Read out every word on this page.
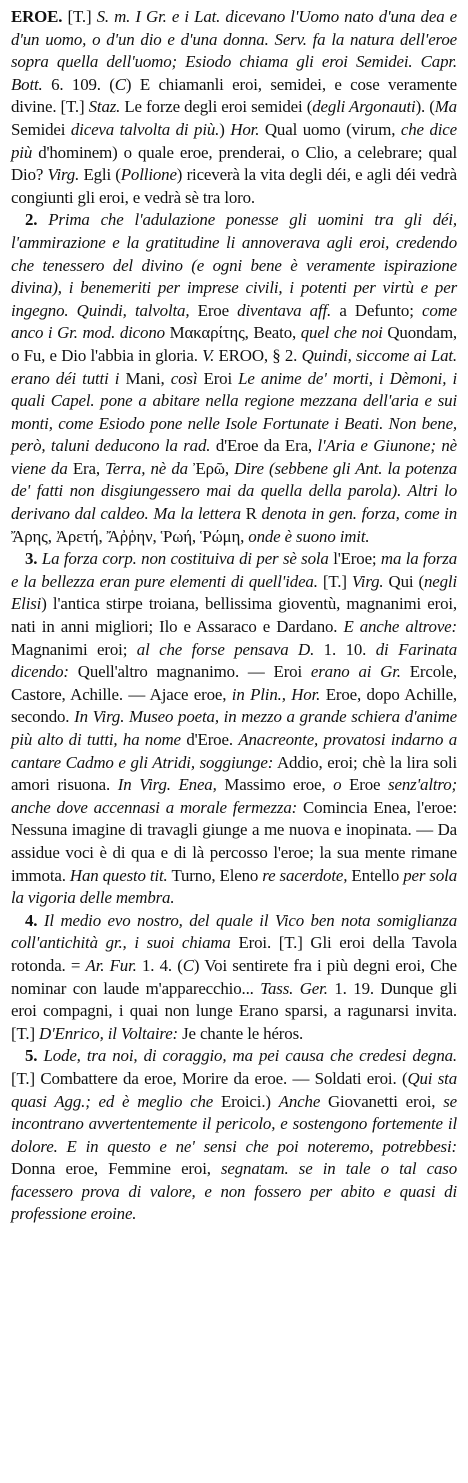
EROE. [T.] S. m. I Gr. e i Lat. dicevano l'Uomo nato d'una dea e d'un uomo, o d'un dio e d'una donna. Serv. fa la natura dell'eroe sopra quella dell'uomo; Esiodo chiama gli eroi Semidei. Capr. Bott. 6. 109. (C) E chiamanli eroi, semidei, e cose veramente divine. [T.] Staz. Le forze degli eroi semidei (degli Argonauti). (Ma Semidei diceva talvolta di più.) Hor. Qual uomo (virum, che dice più d'hominem) o quale eroe, prenderai, o Clio, a celebrare; qual Dio? Virg. Egli (Pollione) riceverà la vita degli déi, e agli déi vedrà congiunti gli eroi, e vedrà sè tra loro.

2. Prima che l'adulazione ponesse gli uomini tra gli déi, l'ammirazione e la gratitudine li annoverava agli eroi, credendo che tenessero del divino (e ogni bene è veramente ispirazione divina), i benemeriti per imprese civili, i potenti per virtù e per ingegno. Quindi, talvolta, Eroe diventava aff. a Defunto; come anco i Gr. mod. dicono Μακαρίτης, Beato, quel che noi Quondam, o Fu, e Dio l'abbia in gloria. V. EROO, § 2. Quindi, siccome ai Lat. erano déi tutti i Mani, così Eroi Le anime de' morti, i Dèmoni, i quali Capel. pone a abitare nella regione mezzana dell'aria e sui monti, come Esiodo pone nelle Isole Fortunate i Beati. Non bene, però, taluni deducono la rad. d'Eroe da Era, l'Aria e Giunone; nè viene da Era, Terra, nè da Ἐρῶ, Dire (sebbene gli Ant. la potenza de' fatti non disgiungessero mai da quella della parola). Altri lo derivano dal caldeo. Ma la lettera R denota in gen. forza, come in Ἄρης, Ἀρετή, Ἄῤῥην, Ῥωή, Ῥώμη, onde è suono imit.

3. La forza corp. non costituiva di per sè sola l'Eroe; ma la forza e la bellezza eran pure elementi di quell'idea. [T.] Virg. Qui (negli Elisi) l'antica stirpe troiana, bellissima gioventù, magnanimi eroi, nati in anni migliori; Ilo e Assaraco e Dardano. E anche altrove: Magnanimi eroi; al che forse pensava D. 1. 10. di Farinata dicendo: Quell'altro magnanimo. — Eroi erano ai Gr. Ercole, Castore, Achille. — Ajace eroe, in Plin., Hor. Eroe, dopo Achille, secondo. In Virg. Museo poeta, in mezzo a grande schiera d'anime più alto di tutti, ha nome d'Eroe. Anacreonte, provatosi indarno a cantare Cadmo e gli Atridi, soggiunge: Addio, eroi; chè la lira soli amori risuona. In Virg. Enea, Massimo eroe, o Eroe senz'altro; anche dove accennasi a morale fermezza: Comincia Enea, l'eroe: Nessuna imagine di travagli giunge a me nuova e inopinata. — Da assidue voci è di qua e di là percosso l'eroe; la sua mente rimane immota. Han questo tit. Turno, Eleno re sacerdote, Entello per sola la vigoria delle membra.

4. Il medio evo nostro, del quale il Vico ben nota somiglianza coll'antichità gr., i suoi chiama Eroi. [T.] Gli eroi della Tavola rotonda. = Ar. Fur. 1. 4. (C) Voi sentirete fra i più degni eroi, Che nominar con laude m'apparecchio... Tass. Ger. 1. 19. Dunque gli eroi compagni, i quai non lunge Erano sparsi, a ragunarsi invita. [T.] D'Enrico, il Voltaire: Je chante le héros.

5. Lode, tra noi, di coraggio, ma pei causa che credesi degna. [T.] Combattere da eroe, Morire da eroe. — Soldati eroi. (Qui sta quasi Agg.; ed è meglio che Eroici.) Anche Giovanetti eroi, se incontrano avvertentemente il pericolo, e sostengono fortemente il dolore. E in questo e ne' sensi che poi noteremo, potrebbesi: Donna eroe, Femmine eroi, segnatam. se in tale o tal caso facessero prova di valore, e non fossero per abito e quasi di professione eroine.
